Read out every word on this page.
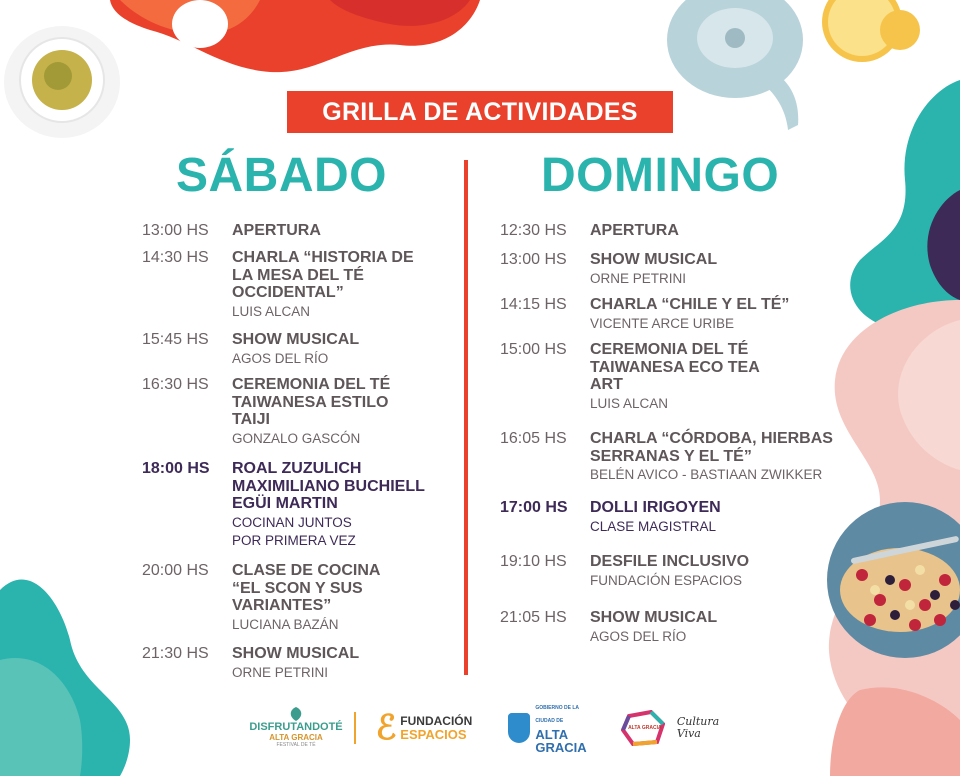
GRILLA DE ACTIVIDADES
SÁBADO	DOMINGO
13:00 HS	APERTURA
14:30 HS	CHARLA “HISTORIA DE LA MESA DEL TÉ OCCIDENTAL”
LUIS ALCAN
15:45 HS	SHOW MUSICAL
AGOS DEL RÍO
16:30 HS	CEREMONIA DEL TÉ TAIWANESA ESTILO TAIJI
GONZALO GASCÓN
18:00 HS	ROAL ZUZULICH MAXIMILIANO BUCHIELL EGÜI MARTIN
COCINAN JUNTOS POR PRIMERA VEZ
20:00 HS	CLASE DE COCINA “EL SCON Y SUS VARIANTES”
LUCIANA BAZÁN
21:30 HS	SHOW MUSICAL
ORNE PETRINI
12:30 HS	APERTURA
13:00 HS	SHOW MUSICAL
ORNE PETRINI
14:15 HS	CHARLA “CHILE Y EL TÉ”
VICENTE ARCE URIBE
15:00 HS	CEREMONIA DEL TÉ TAIWANESA ECO TEA ART
LUIS ALCAN
16:05 HS	CHARLA “CÓRDOBA, HIERBAS SERRANAS Y EL TÉ”
BELÉN AVICO - BASTIAAN ZWIKKER
17:00 HS	DOLLI IRIGOYEN
CLASE MAGISTRAL
19:10 HS	DESFILE INCLUSIVO
FUNDACIÓN ESPACIOS
21:05 HS	SHOW MUSICAL
AGOS DEL RÍO
DISFRUTANDOTÉ
ALTA GRACIA
FESTIVAL DE TÉ ℰ FUNDACIÓN
ESPACIOS
GOBIERNO DE LA CIUDAD DE
ALTA
GRACIA
ALTA GRACIA Cultura
Viva
